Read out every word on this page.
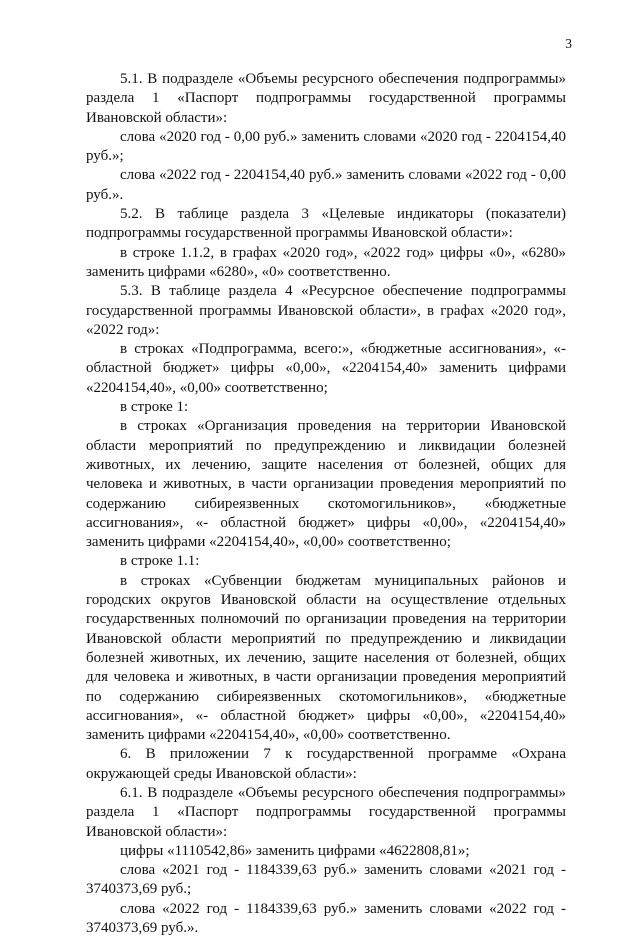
3

5.1. В подразделе «Объемы ресурсного обеспечения подпрограммы» раздела 1 «Паспорт подпрограммы государственной программы Ивановской области»:

слова «2020 год - 0,00 руб.» заменить словами «2020 год - 2204154,40 руб.»;

слова «2022 год - 2204154,40 руб.» заменить словами «2022 год - 0,00 руб.».

5.2. В таблице раздела 3 «Целевые индикаторы (показатели) подпрограммы государственной программы Ивановской области»:

в строке 1.1.2, в графах «2020 год», «2022 год» цифры «0», «6280» заменить цифрами «6280», «0» соответственно.

5.3. В таблице раздела 4 «Ресурсное обеспечение подпрограммы государственной программы Ивановской области», в графах «2020 год», «2022 год»:

в строках «Подпрограмма, всего:», «бюджетные ассигнования», «- областной бюджет» цифры «0,00», «2204154,40» заменить цифрами «2204154,40», «0,00» соответственно;

в строке 1:

в строках «Организация проведения на территории Ивановской области мероприятий по предупреждению и ликвидации болезней животных, их лечению, защите населения от болезней, общих для человека и животных, в части организации проведения мероприятий по содержанию сибиреязвенных скотомогильников», «бюджетные ассигнования», «- областной бюджет» цифры «0,00», «2204154,40» заменить цифрами «2204154,40», «0,00» соответственно;

в строке 1.1:

в строках «Субвенции бюджетам муниципальных районов и городских округов Ивановской области на осуществление отдельных государственных полномочий по организации проведения на территории Ивановской области мероприятий по предупреждению и ликвидации болезней животных, их лечению, защите населения от болезней, общих для человека и животных, в части организации проведения мероприятий по содержанию сибиреязвенных скотомогильников», «бюджетные ассигнования», «- областной бюджет» цифры «0,00», «2204154,40» заменить цифрами «2204154,40», «0,00» соответственно.

6. В приложении 7 к государственной программе «Охрана окружающей среды Ивановской области»:

6.1. В подразделе «Объемы ресурсного обеспечения подпрограммы» раздела 1 «Паспорт подпрограммы государственной программы Ивановской области»:

цифры «1110542,86» заменить цифрами «4622808,81»;

слова «2021 год - 1184339,63 руб.» заменить словами «2021 год - 3740373,69 руб.;

слова «2022 год - 1184339,63 руб.» заменить словами «2022 год - 3740373,69 руб.».
